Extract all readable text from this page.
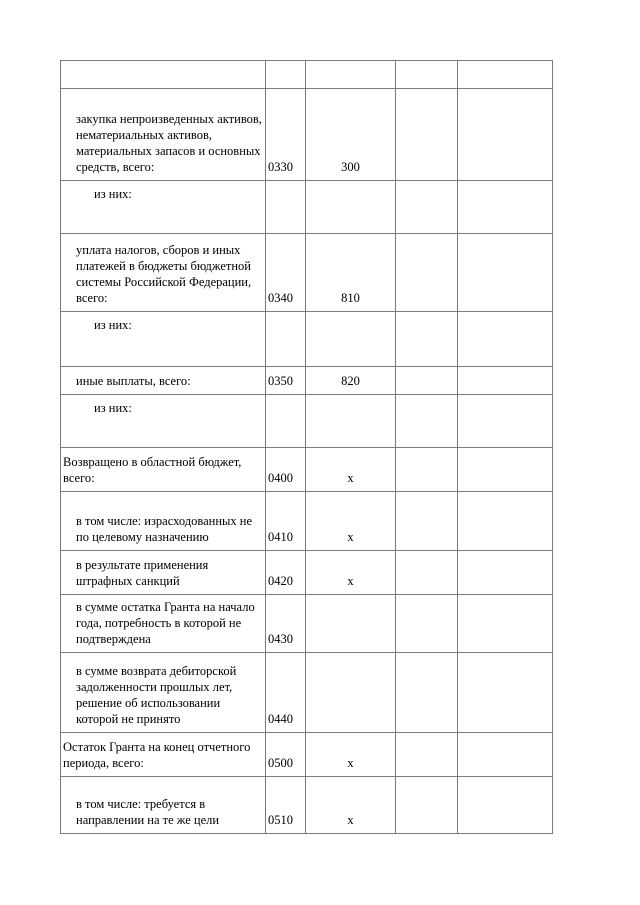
закупка непроизведенных активов, нематериальных активов, материальных запасов и основных средств, всего:	0330	300		
из них:				
уплата налогов, сборов и иных платежей в бюджеты бюджетной системы Российской Федерации, всего:	0340	810		
из них:				
иные выплаты, всего:	0350	820		
из них:				
Возвращено в областной бюджет, всего:	0400	х		
в том числе: израсходованных не по целевому назначению	0410	х		
в результате применения штрафных санкций	0420	х		
в сумме остатка Гранта на начало года, потребность в которой не подтверждена	0430			
в сумме возврата дебиторской задолженности прошлых лет, решение об использовании которой не принято	0440			
Остаток Гранта на конец отчетного периода, всего:	0500	х		
в том числе: требуется в направлении на те же цели	0510	х		
